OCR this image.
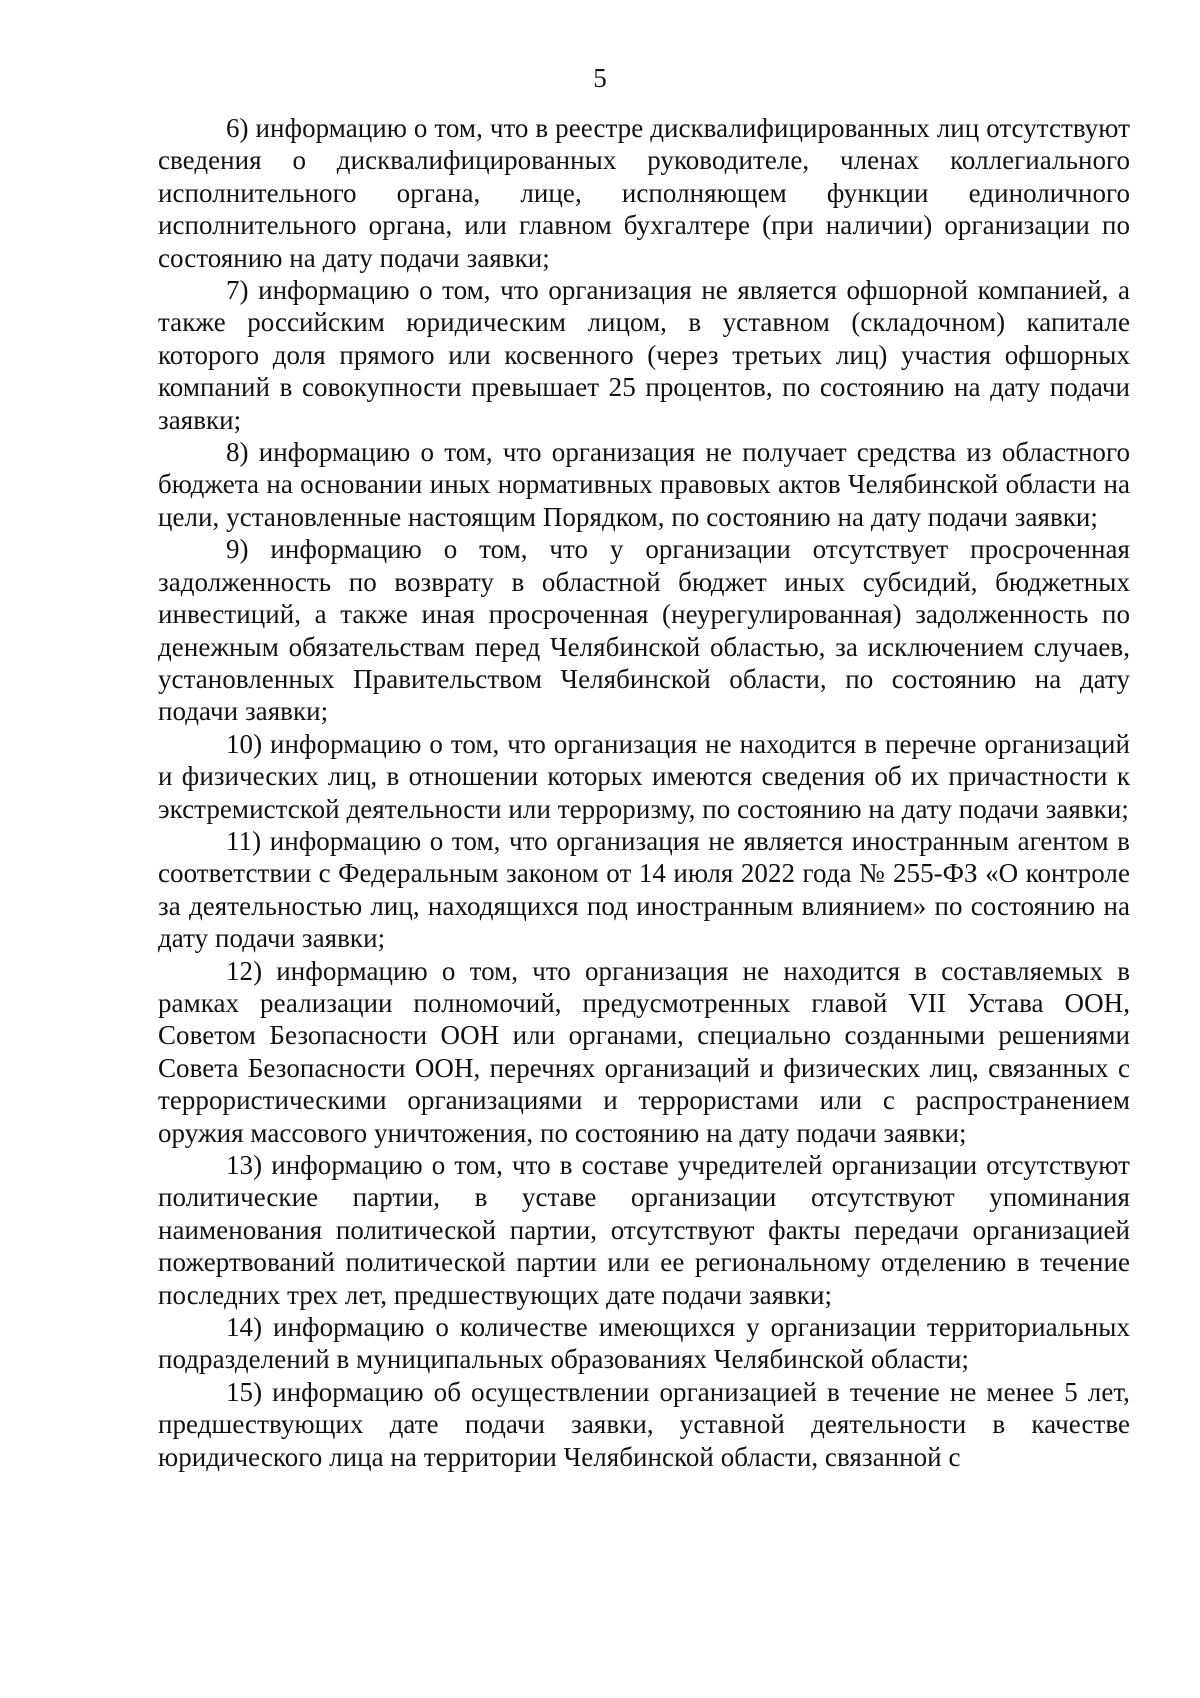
5

6) информацию о том, что в реестре дисквалифицированных лиц отсутствуют сведения о дисквалифицированных руководителе, членах коллегиального исполнительного органа, лице, исполняющем функции единоличного исполнительного органа, или главном бухгалтере (при наличии) организации по состоянию на дату подачи заявки;

7) информацию о том, что организация не является офшорной компанией, а также российским юридическим лицом, в уставном (складочном) капитале которого доля прямого или косвенного (через третьих лиц) участия офшорных компаний в совокупности превышает 25 процентов, по состоянию на дату подачи заявки;

8) информацию о том, что организация не получает средства из областного бюджета на основании иных нормативных правовых актов Челябинской области на цели, установленные настоящим Порядком, по состоянию на дату подачи заявки;

9) информацию о том, что у организации отсутствует просроченная задолженность по возврату в областной бюджет иных субсидий, бюджетных инвестиций, а также иная просроченная (неурегулированная) задолженность по денежным обязательствам перед Челябинской областью, за исключением случаев, установленных Правительством Челябинской области, по состоянию на дату подачи заявки;

10) информацию о том, что организация не находится в перечне организаций и физических лиц, в отношении которых имеются сведения об их причастности к экстремистской деятельности или терроризму, по состоянию на дату подачи заявки;

11) информацию о том, что организация не является иностранным агентом в соответствии с Федеральным законом от 14 июля 2022 года № 255-ФЗ «О контроле за деятельностью лиц, находящихся под иностранным влиянием» по состоянию на дату подачи заявки;

12) информацию о том, что организация не находится в составляемых в рамках реализации полномочий, предусмотренных главой VII Устава ООН, Советом Безопасности ООН или органами, специально созданными решениями Совета Безопасности ООН, перечнях организаций и физических лиц, связанных с террористическими организациями и террористами или с распространением оружия массового уничтожения, по состоянию на дату подачи заявки;

13) информацию о том, что в составе учредителей организации отсутствуют политические партии, в уставе организации отсутствуют упоминания наименования политической партии, отсутствуют факты передачи организацией пожертвований политической партии или ее региональному отделению в течение последних трех лет, предшествующих дате подачи заявки;

14) информацию о количестве имеющихся у организации территориальных подразделений в муниципальных образованиях Челябинской области;

15) информацию об осуществлении организацией в течение не менее 5 лет, предшествующих дате подачи заявки, уставной деятельности в качестве юридического лица на территории Челябинской области, связанной с
